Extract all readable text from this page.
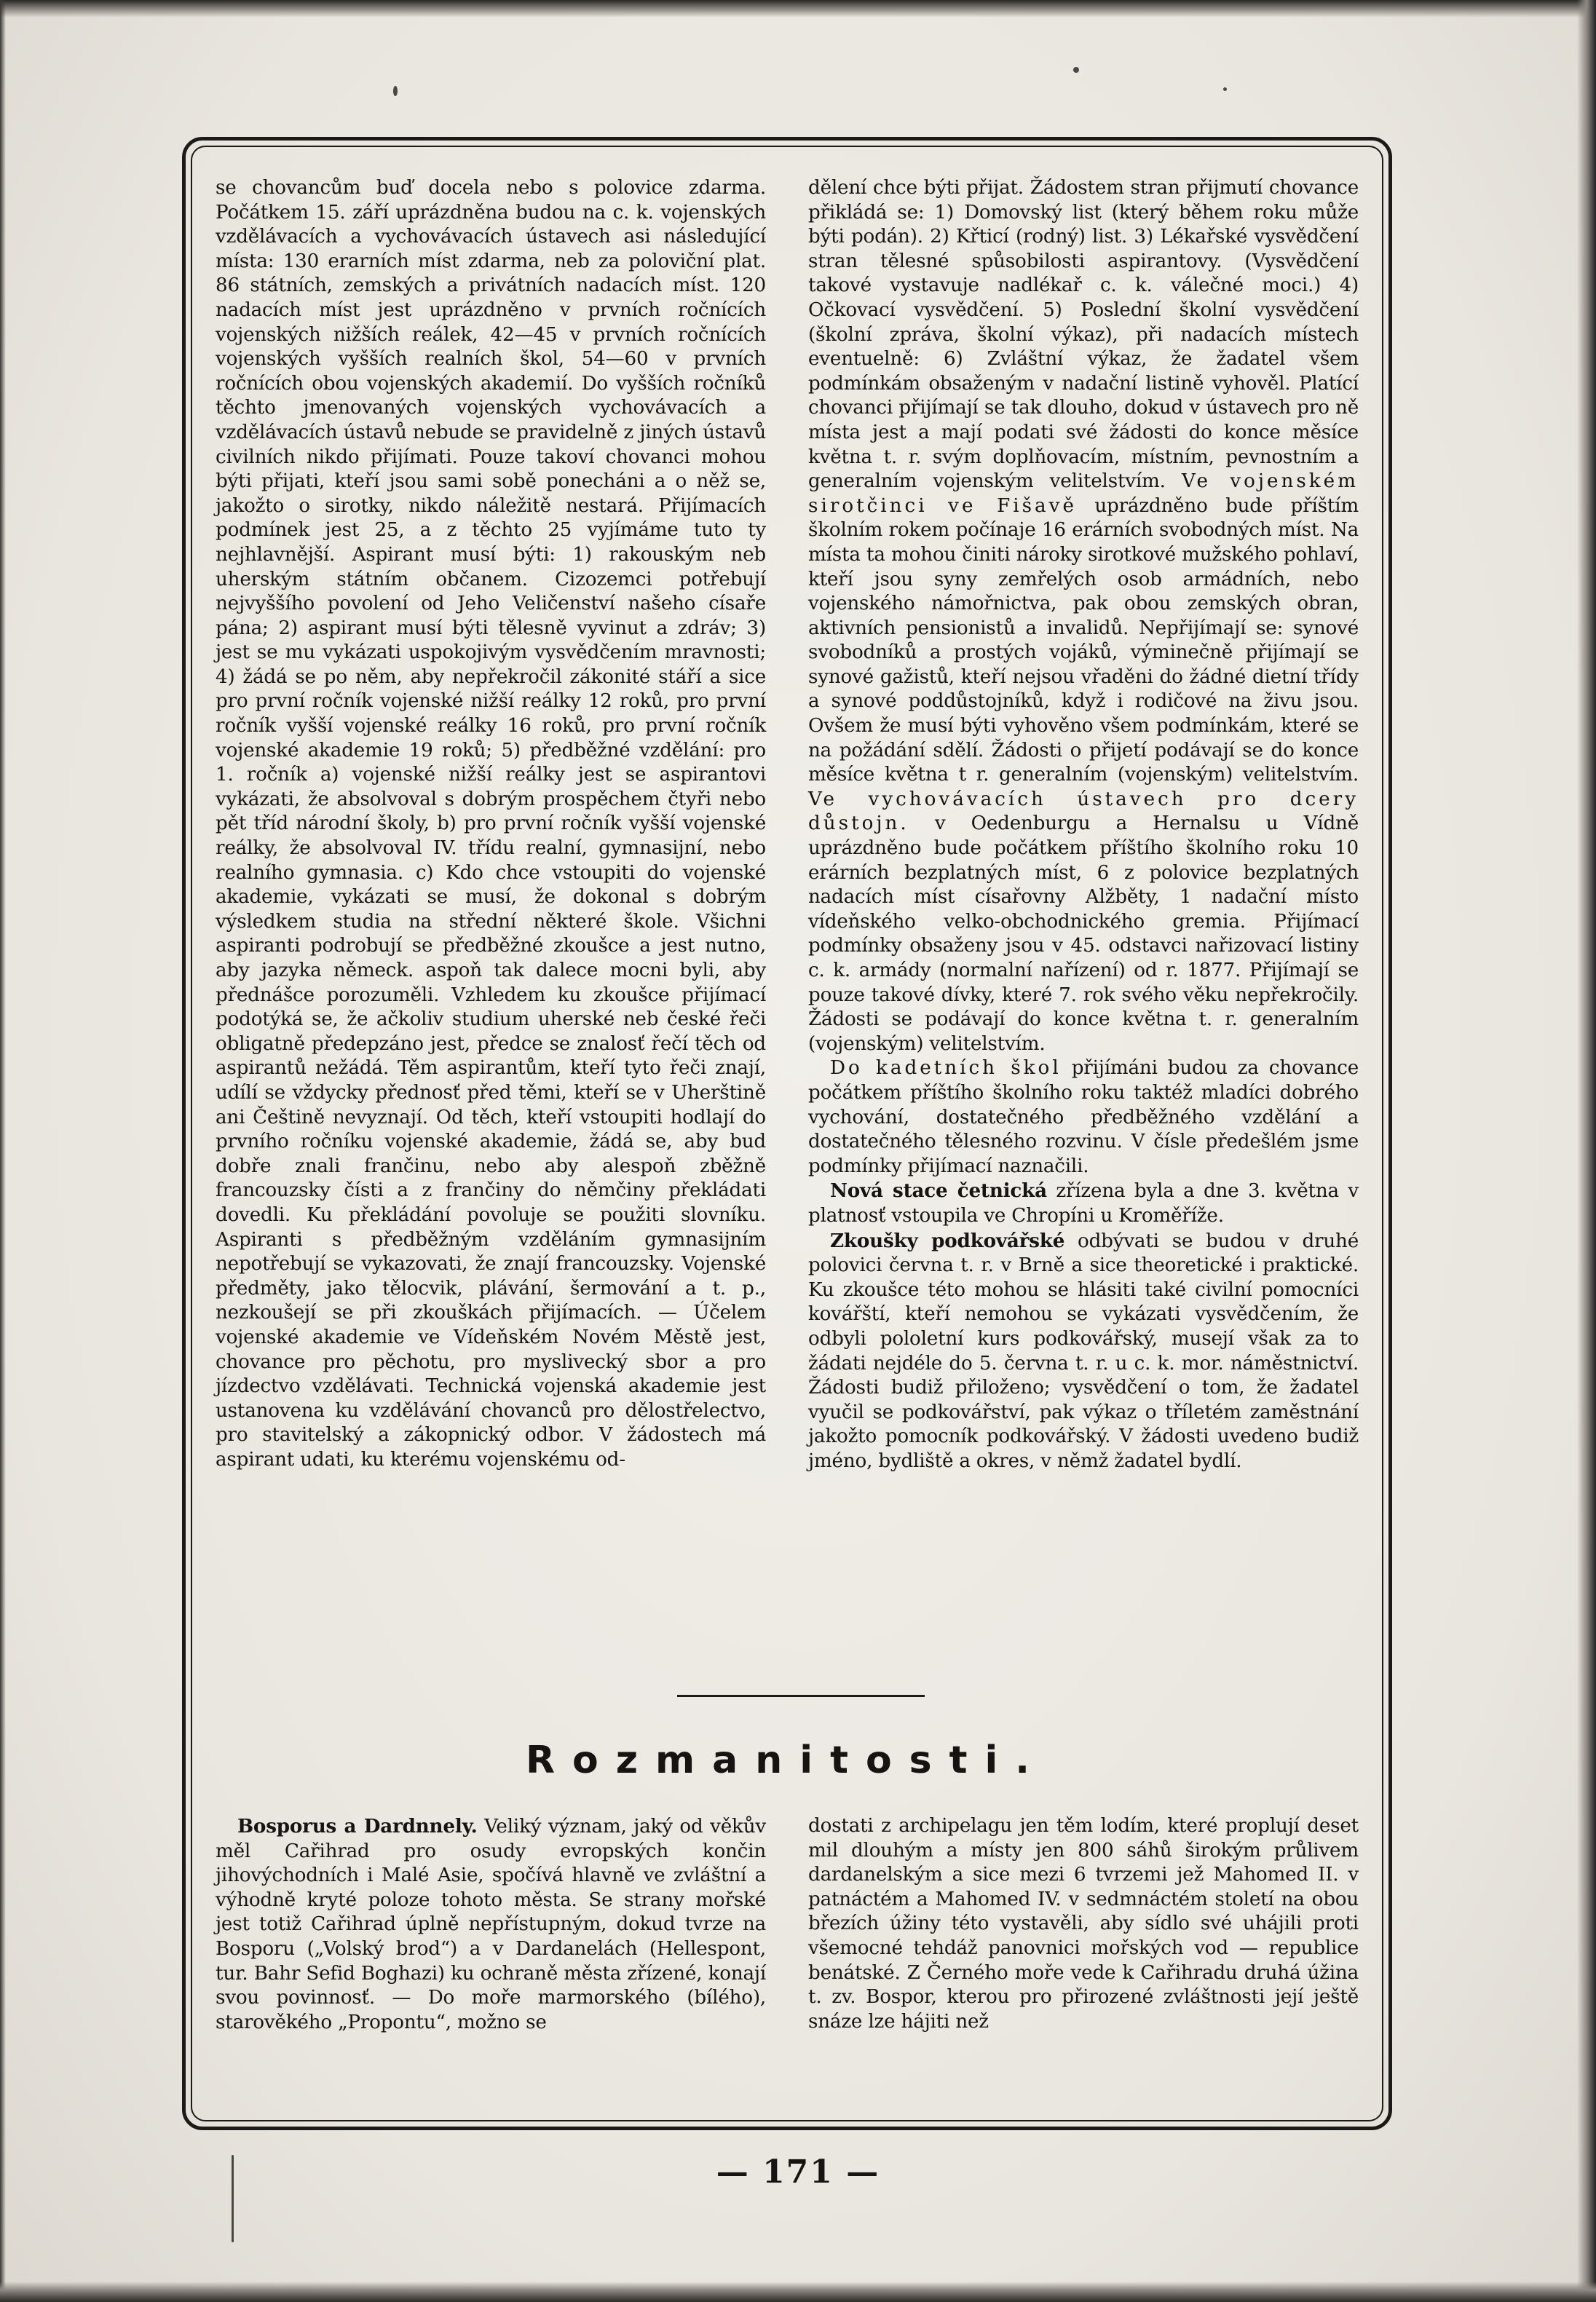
se chovancům buď docela nebo s polovice zdarma. Počátkem 15. září uprázdněna budou na c. k. vojenských vzdělávacích a vychovávacích ústavech asi následující místa: 130 erarních míst zdarma, neb za poloviční plat. 86 státních, zemských a privátních nadacích míst. 120 nadacích míst jest uprázdněno v prvních ročnících vojenských nižších reálek, 42—45 v prvních ročnících vojenských vyšších realních škol, 54—60 v prvních ročnících obou vojenských akademií. Do vyšších ročníků těchto jmenovaných vojenských vychovávacích a vzdělávacích ústavů nebude se pravidelně z jiných ústavů civilních nikdo přijímati. Pouze takoví chovanci mohou býti přijati, kteří jsou sami sobě ponecháni a o něž se, jakožto o sirotky, nikdo náležitě nestará. Přijímacích podmínek jest 25, a z těchto 25 vyjímáme tuto ty nejhlavnější. Aspirant musí býti: 1) rakouským neb uherským státním občanem. Cizozemci potřebují nejvyššího povolení od Jeho Veličenství našeho císaře pána; 2) aspirant musí býti tělesně vyvinut a zdráv; 3) jest se mu vykázati uspokojivým vysvědčením mravnosti; 4) žádá se po něm, aby nepřekročil zákonité stáří a sice pro první ročník vojenské nižší reálky 12 roků, pro první ročník vyšší vojenské reálky 16 roků, pro první ročník vojenské akademie 19 roků; 5) předběžné vzdělání: pro 1. ročník a) vojenské nižší reálky jest se aspirantovi vykázati, že absolvoval s dobrým prospěchem čtyři nebo pět tříd národní školy, b) pro první ročník vyšší vojenské reálky, že absolvoval IV. třídu realní, gymnasijní, nebo realního gymnasia. c) Kdo chce vstoupiti do vojenské akademie, vykázati se musí, že dokonal s dobrým výsledkem studia na střední některé škole. Všichni aspiranti podrobují se předběžné zkoušce a jest nutno, aby jazyka německ. aspoň tak dalece mocni byli, aby přednášce porozuměli. Vzhledem ku zkoušce přijímací podotýká se, že ačkoliv studium uherské neb české řeči obligatně předepzáno jest, předce se znalosť řečí těch od aspirantů nežádá. Těm aspirantům, kteří tyto řeči znají, udílí se vždycky přednosť před těmi, kteří se v Uherštině ani Češtině nevyznají. Od těch, kteří vstoupiti hodlají do prvního ročníku vojenské akademie, žádá se, aby bud dobře znali frančinu, nebo aby alespoň zběžně francouzsky čísti a z frančiny do němčiny překládati dovedli. Ku překládání povoluje se použiti slovníku. Aspiranti s předběžným vzděláním gymnasijním nepotřebují se vykazovati, že znají francouzsky. Vojenské předměty, jako tělocvik, plávání, šermování a t. p., nezkoušejí se při zkouškách přijímacích. — Účelem vojenské akademie ve Vídeňském Novém Městě jest, chovance pro pěchotu, pro myslivecký sbor a pro jízdectvo vzdělávati. Technická vojenská akademie jest ustanovena ku vzdělávání chovanců pro dělostřelectvo, pro stavitelský a zákopnický odbor. V žádostech má aspirant udati, ku kterému vojenskému od-

dělení chce býti přijat. Žádostem stran přijmutí chovance přikládá se: 1) Domovský list (který během roku může býti podán). 2) Křticí (rodný) list. 3) Lékařské vysvědčení stran tělesné spůsobilosti aspirantovy. (Vysvědčení takové vystavuje nadlékař c. k. válečné moci.) 4) Očkovací vysvědčení. 5) Poslední školní vysvědčení (školní zpráva, školní výkaz), při nadacích místech eventuelně: 6) Zvláštní výkaz, že žadatel všem podmínkám obsaženým v nadační listině vyhověl. Platící chovanci přijímají se tak dlouho, dokud v ústavech pro ně místa jest a mají podati své žádosti do konce měsíce května t. r. svým doplňovacím, místním, pevnostním a generalním vojenským velitelstvím. Ve vojenském sirotčinci ve Fišavě uprázdněno bude příštím školním rokem počínaje 16 erárních svobodných míst. Na místa ta mohou činiti nároky sirotkové mužského pohlaví, kteří jsou syny zemřelých osob armádních, nebo vojenského námořnictva, pak obou zemských obran, aktivních pensionistů a invalidů. Nepřijímají se: synové svobodníků a prostých vojáků, výminečně přijímají se synové gažistů, kteří nejsou vřaděni do žádné dietní třídy a synové poddůstojníků, když i rodičové na živu jsou. Ovšem že musí býti vyhověno všem podmínkám, které se na požádání sdělí. Žádosti o přijetí podávají se do konce měsíce května t r. generalním (vojenským) velitelstvím. Ve vychovávacích ústavech pro dcery důstojn. v Oedenburgu a Hernalsu u Vídně uprázdněno bude počátkem příštího školního roku 10 erárních bezplatných míst, 6 z polovice bezplatných nadacích míst císařovny Alžběty, 1 nadační místo vídeňského velko-obchodnického gremia. Přijímací podmínky obsaženy jsou v 45. odstavci nařizovací listiny c. k. armády (normalní nařízení) od r. 1877. Přijímají se pouze takové dívky, které 7. rok svého věku nepřekročily. Žádosti se podávají do konce května t. r. generalním (vojenským) velitelstvím.

Do kadetních škol přijímáni budou za chovance počátkem příštího školního roku taktéž mladíci dobrého vychování, dostatečného předběžného vzdělání a dostatečného tělesného rozvinu. V čísle předešlém jsme podmínky přijímací naznačili.

Nová stace četnická zřízena byla a dne 3. května v platnosť vstoupila ve Chropíni u Kroměříže.

Zkoušky podkovářské odbývati se budou v druhé polovici června t. r. v Brně a sice theoretické i praktické. Ku zkoušce této mohou se hlásiti také civilní pomocníci kovářští, kteří nemohou se vykázati vysvědčením, že odbyli pololetní kurs podkovářský, musejí však za to žádati nejdéle do 5. června t. r. u c. k. mor. náměstnictví. Žádosti budiž přiloženo; vysvědčení o tom, že žadatel vyučil se podkovářství, pak výkaz o tříletém zaměstnání jakožto pomocník podkovářský. V žádosti uvedeno budiž jméno, bydliště a okres, v němž žadatel bydlí.

Rozmanitosti.

Bosporus a Dardnnely. Veliký význam, jaký od věkův měl Cařihrad pro osudy evropských končin jihovýchodních i Malé Asie, spočívá hlavně ve zvláštní a výhodně kryté poloze tohoto města. Se strany mořské jest totiž Cařihrad úplně nepřístupným, dokud tvrze na Bosporu („Volský brod“) a v Dardanelách (Hellespont, tur. Bahr Sefid Boghazi) ku ochraně města zřízené, konají svou povinnosť. — Do moře marmorského (bílého), starověkého „Propontu“, možno se

dostati z archipelagu jen těm lodím, které proplují deset mil dlouhým a místy jen 800 sáhů širokým průlivem dardanelským a sice mezi 6 tvrzemi jež Mahomed II. v patnáctém a Mahomed IV. v sedmnáctém století na obou březích úžiny této vystavěli, aby sídlo své uhájili proti všemocné tehdáž panovnici mořských vod — republice benátské. Z Černého moře vede k Cařihradu druhá úžina t. zv. Bospor, kterou pro přirozené zvláštnosti její ještě snáze lze hájiti než

— 171 —
